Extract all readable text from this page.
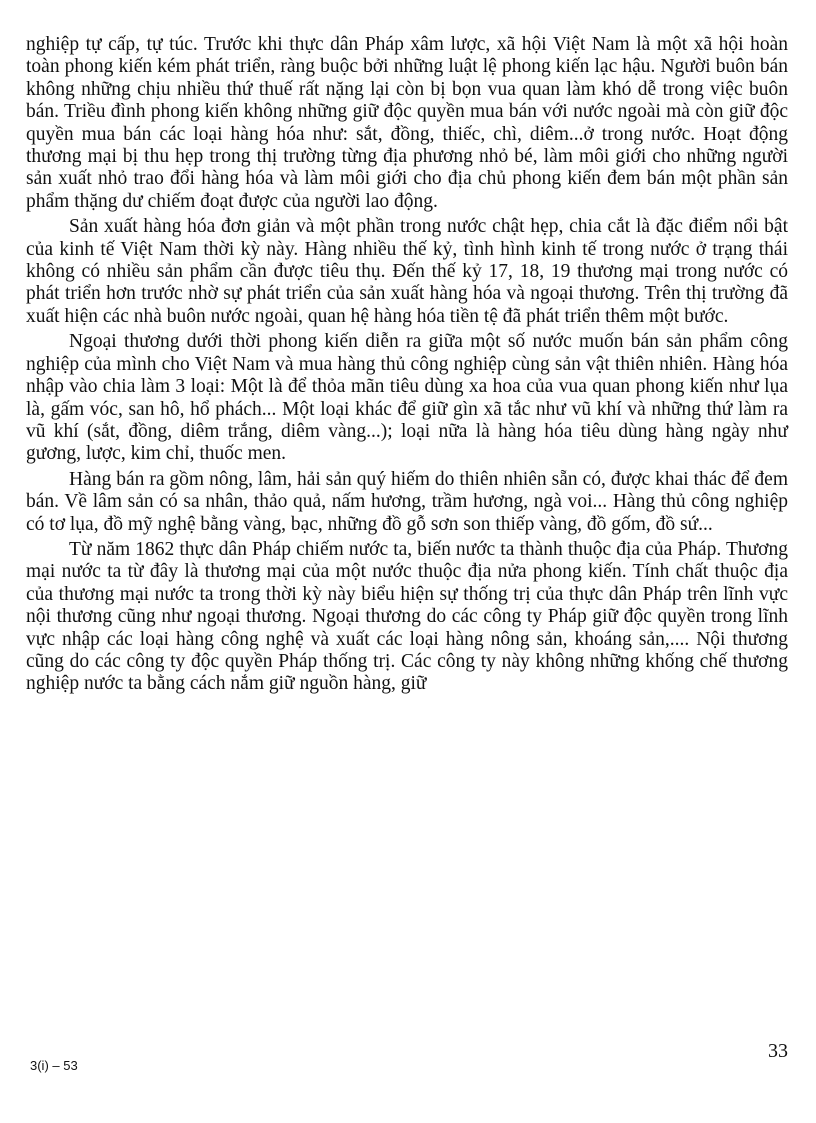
nghiệp tự cấp, tự túc. Trước khi thực dân Pháp xâm lược, xã hội Việt Nam là một xã hội hoàn toàn phong kiến kém phát triển, ràng buộc bởi những luật lệ phong kiến lạc hậu. Người buôn bán không những chịu nhiều thứ thuế rất nặng lại còn bị bọn vua quan làm khó dễ trong việc buôn bán. Triều đình phong kiến không những giữ độc quyền mua bán với nước ngoài mà còn giữ độc quyền mua bán các loại hàng hóa như: sắt, đồng, thiếc, chì, diêm...ở trong nước. Hoạt động thương mại bị thu hẹp trong thị trường từng địa phương nhỏ bé, làm môi giới cho những người sản xuất nhỏ trao đổi hàng hóa và làm môi giới cho địa chủ phong kiến đem bán một phần sản phẩm thặng dư chiếm đoạt được của người lao động.

Sản xuất hàng hóa đơn giản và một phần trong nước chật hẹp, chia cắt là đặc điểm nổi bật của kinh tế Việt Nam thời kỳ này. Hàng nhiều thế kỷ, tình hình kinh tế trong nước ở trạng thái không có nhiều sản phẩm cần được tiêu thụ. Đến thế kỷ 17, 18, 19 thương mại trong nước có phát triển hơn trước nhờ sự phát triển của sản xuất hàng hóa và ngoại thương. Trên thị trường đã xuất hiện các nhà buôn nước ngoài, quan hệ hàng hóa tiền tệ đã phát triển thêm một bước.

Ngoại thương dưới thời phong kiến diễn ra giữa một số nước muốn bán sản phẩm công nghiệp của mình cho Việt Nam và mua hàng thủ công nghiệp cùng sản vật thiên nhiên. Hàng hóa nhập vào chia làm 3 loại: Một là để thỏa mãn tiêu dùng xa hoa của vua quan phong kiến như lụa là, gấm vóc, san hô, hổ phách... Một loại khác để giữ gìn xã tắc như vũ khí và những thứ làm ra vũ khí (sắt, đồng, diêm trắng, diêm vàng...); loại nữa là hàng hóa tiêu dùng hàng ngày như gương, lược, kim chỉ, thuốc men.

Hàng bán ra gồm nông, lâm, hải sản quý hiếm do thiên nhiên sẵn có, được khai thác để đem bán. Về lâm sản có sa nhân, thảo quả, nấm hương, trầm hương, ngà voi... Hàng thủ công nghiệp có tơ lụa, đồ mỹ nghệ bằng vàng, bạc, những đồ gỗ sơn son thiếp vàng, đồ gốm, đồ sứ...

Từ năm 1862 thực dân Pháp chiếm nước ta, biến nước ta thành thuộc địa của Pháp. Thương mại nước ta từ đây là thương mại của một nước thuộc địa nửa phong kiến. Tính chất thuộc địa của thương mại nước ta trong thời kỳ này biểu hiện sự thống trị của thực dân Pháp trên lĩnh vực nội thương cũng như ngoại thương. Ngoại thương do các công ty Pháp giữ độc quyền trong lĩnh vực nhập các loại hàng công nghệ và xuất các loại hàng nông sản, khoáng sản,.... Nội thương cũng do các công ty độc quyền Pháp thống trị. Các công ty này không những khống chế thương nghiệp nước ta bằng cách nắm giữ nguồn hàng, giữ

3(i) – 53
33
